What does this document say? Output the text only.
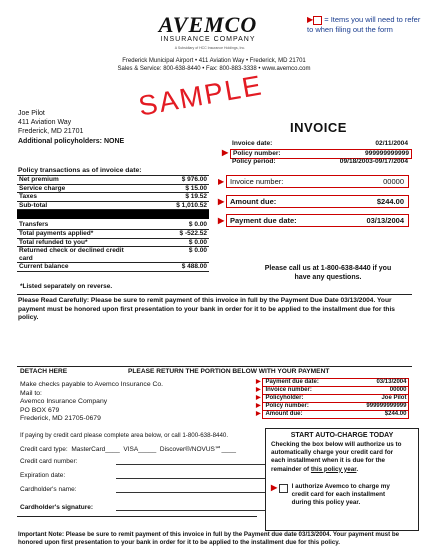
AVEMCO
INSURANCE COMPANY
A Subsidiary of HCC Insurance Holdings, Inc.
▶ = Items you will need to refer to when filing out the form
Frederick Municipal Airport • 411 Aviation Way • Frederick, MD 21701
Sales & Service: 800-638-8440 • Fax: 800-883-3338 • www.avemco.com
SAMPLE
Joe Pilot
411 Aviation Way
Frederick, MD 21701
Additional policyholders: NONE
INVOICE
Invoice date:	02/11/2004
▶ Policy number:	999999999999
Policy period:	09/18/2003-09/17/2004
Policy transactions as of invoice date:
Net premium	$ 976.00
Service charge	$ 15.00
Taxes	$ 19.52
Sub-total	$ 1,010.52
Transfers	$ 0.00
Total payments applied*	$ -522.52
Total refunded to you*	$ 0.00
Returned check or declined credit card
$ 0.00
Current balance	$ 488.00
*Listed separately on reverse.
▶ Invoice number:	00000
▶ Amount due:	$244.00
▶ Payment due date:	03/13/2004
Please call us at 1-800-638-8440 if you
have any questions.
Please Read Carefully: Please be sure to remit payment of this invoice in full by the Payment Due Date 03/13/2004. Your payment must be honored upon first presentation to your bank in order for it to be applied to the installment due for this policy.
DETACH HERE	PLEASE RETURN THE PORTION BELOW WITH YOUR PAYMENT
Make checks payable to Avemco Insurance Co.
Mail to:
Avemco Insurance Company
PO BOX 679
Frederick, MD 21705-0679
▶ Payment due date:	03/13/2004
▶ Invoice number:	00000
▶ Policyholder:	Joe Pilot
▶ Policy number:	999999999999
▶ Amount due:	$244.00
If paying by credit card please complete area below, or call 1-800-638-8440.
Credit card type: MasterCard____ VISA_____ Discover®/NOVUS℠____
Credit card number:
Expiration date:
Cardholder's name:
Cardholder's signature:
START AUTO-CHARGE TODAY
Checking the box below will authorize us to
automatically charge your credit card for
each installment when it is due for the
remainder of this policy year.
▶ I authorize Avemco to charge my
credit card for each installment
during this policy year.
Important Note: Please be sure to remit payment of this invoice in full by the Payment due date 03/13/2004. Your payment must be honored upon first presentation to your bank in order for it to be applied to the installment due for this policy.
